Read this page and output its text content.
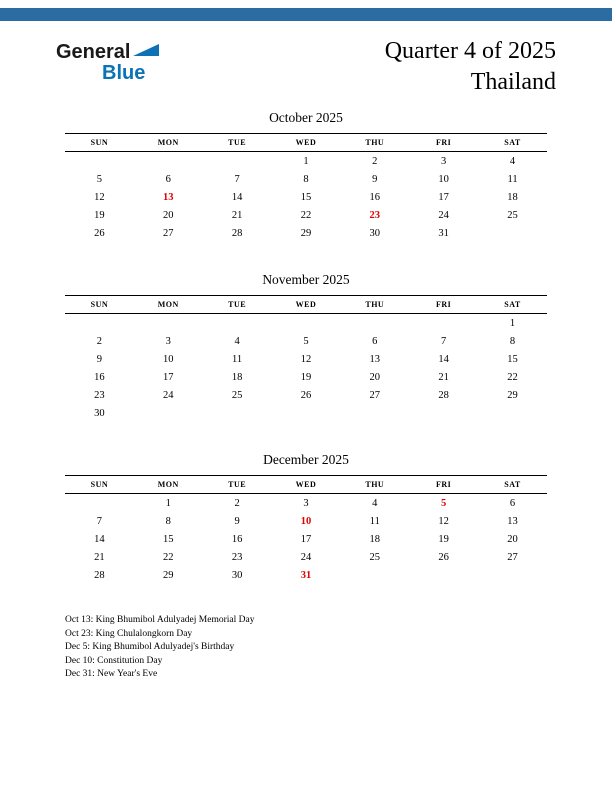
General
Blue
Quarter 4 of 2025
Thailand
October 2025
SUN	MON	TUE	WED	THU	FRI	SAT
			1	2	3	4
5	6	7	8	9	10	11
12	13	14	15	16	17	18
19	20	21	22	23	24	25
26	27	28	29	30	31	
November 2025
SUN	MON	TUE	WED	THU	FRI	SAT
						1
2	3	4	5	6	7	8
9	10	11	12	13	14	15
16	17	18	19	20	21	22
23	24	25	26	27	28	29
30						
December 2025
SUN	MON	TUE	WED	THU	FRI	SAT
	1	2	3	4	5	6
7	8	9	10	11	12	13
14	15	16	17	18	19	20
21	22	23	24	25	26	27
28	29	30	31			
Oct 13: King Bhumibol Adulyadej Memorial Day
Oct 23: King Chulalongkorn Day
Dec 5: King Bhumibol Adulyadej's Birthday
Dec 10: Constitution Day
Dec 31: New Year's Eve
